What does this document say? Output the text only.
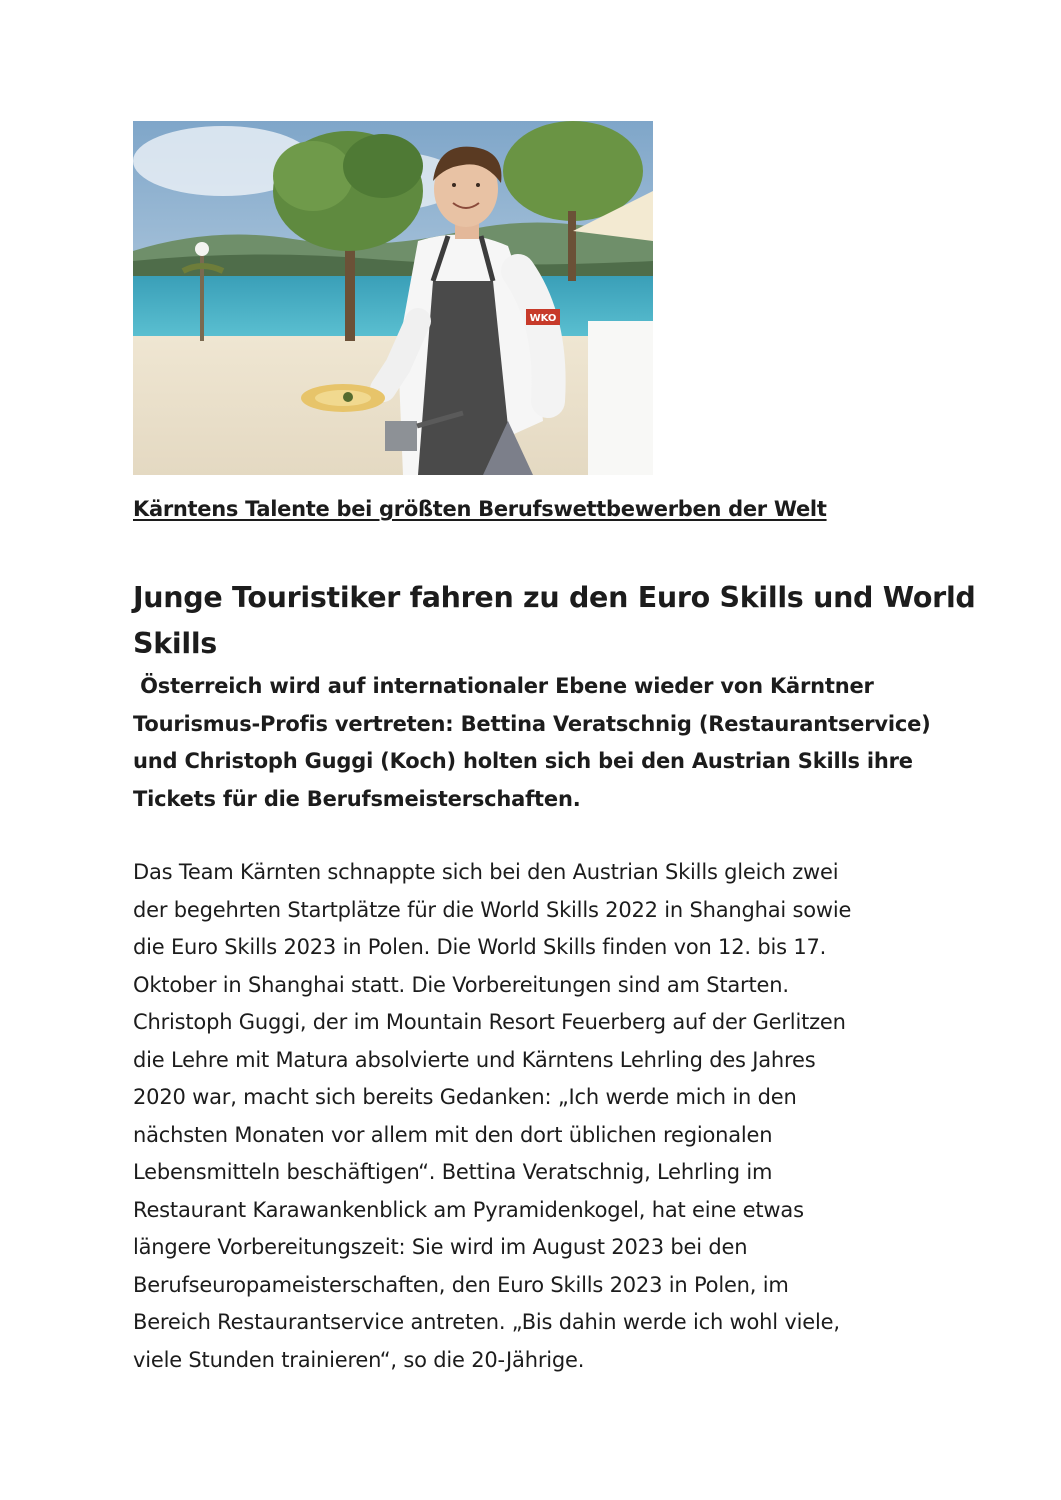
WKO

Kärntens Talente bei größten Berufswettbewerben der Welt

Junge Touristiker fahren zu den Euro Skills und World
Skills

Österreich wird auf internationaler Ebene wieder von Kärntner
Tourismus-Profis vertreten: Bettina Veratschnig (Restaurantservice)
und Christoph Guggi (Koch) holten sich bei den Austrian Skills ihre
Tickets für die Berufsmeisterschaften.

Das Team Kärnten schnappte sich bei den Austrian Skills gleich zwei
der begehrten Startplätze für die World Skills 2022 in Shanghai sowie
die Euro Skills 2023 in Polen. Die World Skills finden von 12. bis 17.
Oktober in Shanghai statt. Die Vorbereitungen sind am Starten.
Christoph Guggi, der im Mountain Resort Feuerberg auf der Gerlitzen
die Lehre mit Matura absolvierte und Kärntens Lehrling des Jahres
2020 war, macht sich bereits Gedanken: „Ich werde mich in den
nächsten Monaten vor allem mit den dort üblichen regionalen
Lebensmitteln beschäftigen“. Bettina Veratschnig, Lehrling im
Restaurant Karawankenblick am Pyramidenkogel, hat eine etwas
längere Vorbereitungszeit: Sie wird im August 2023 bei den
Berufseuropameisterschaften, den Euro Skills 2023 in Polen, im
Bereich Restaurantservice antreten. „Bis dahin werde ich wohl viele,
viele Stunden trainieren“, so die 20-Jährige.
